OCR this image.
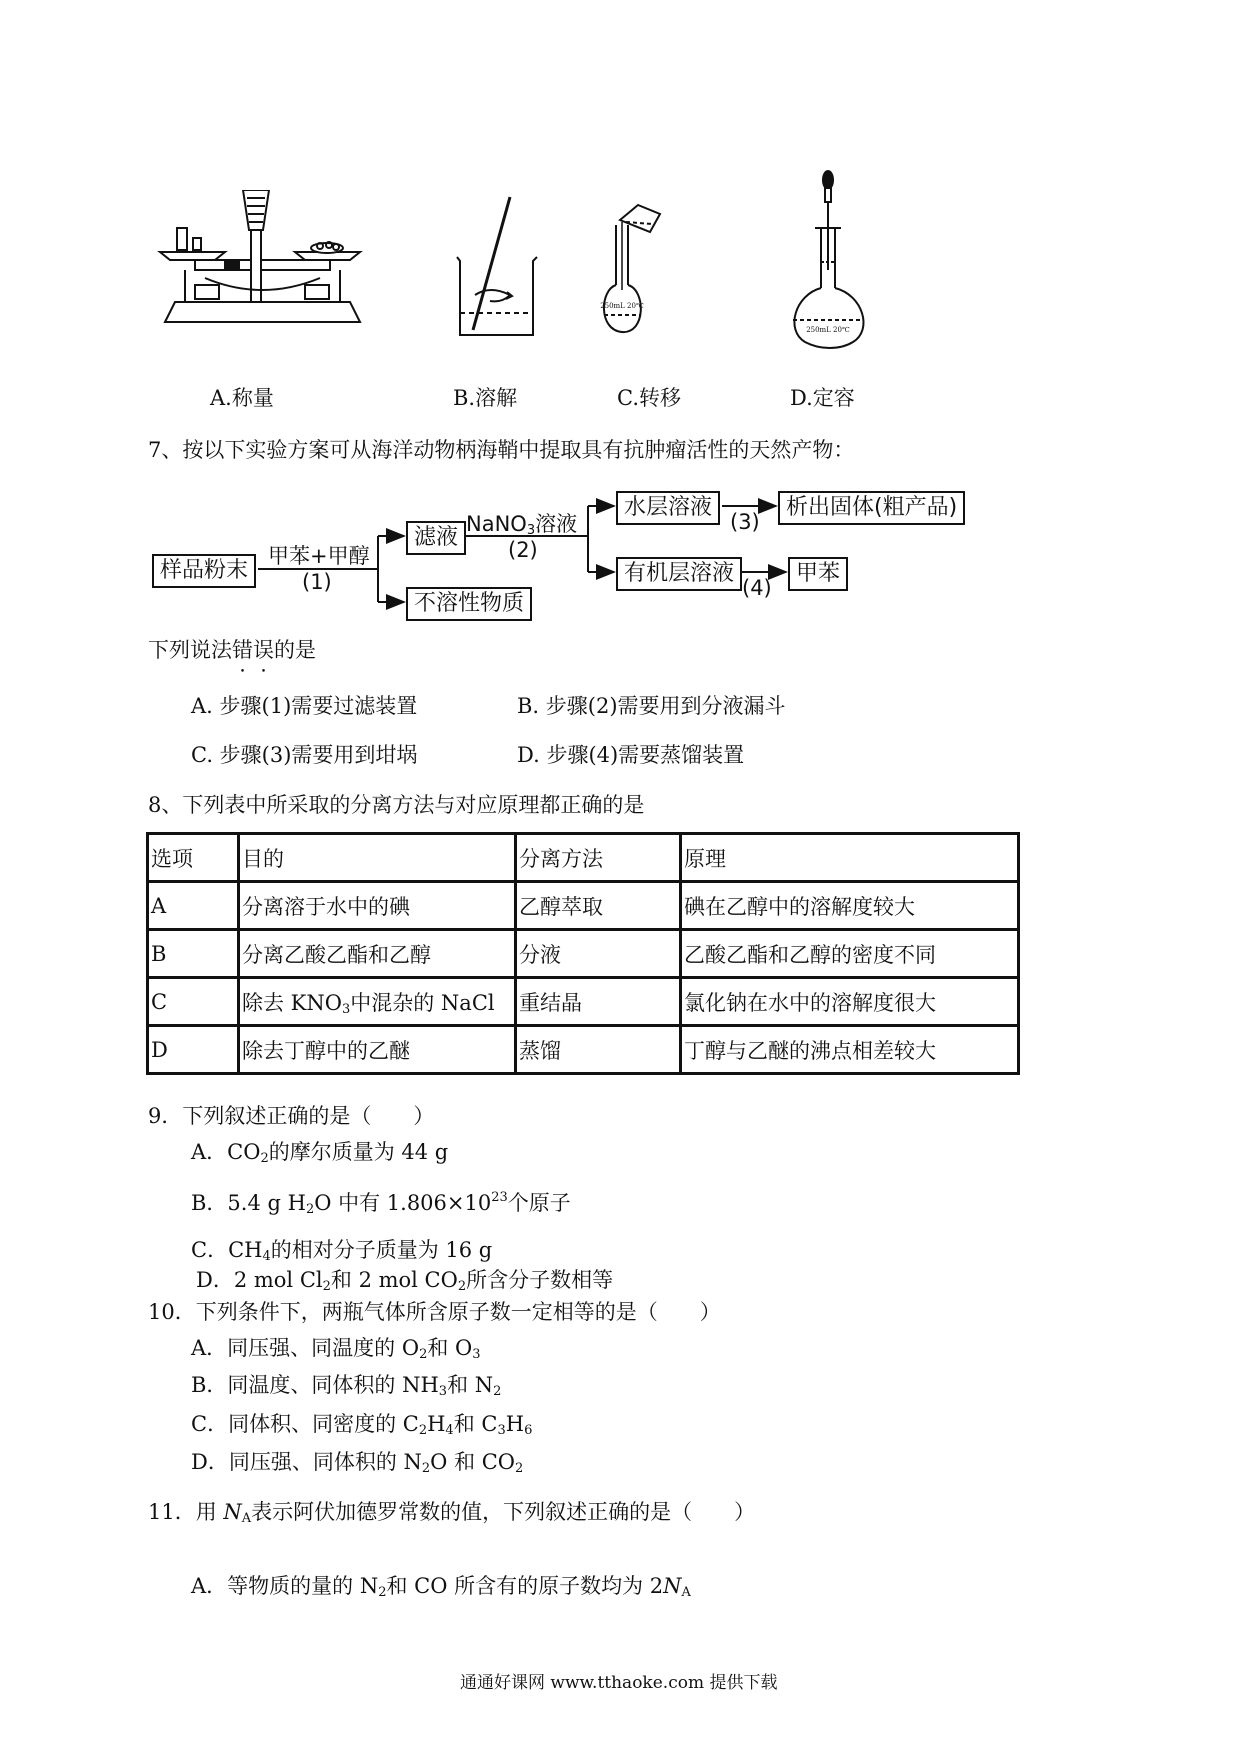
250mL 20℃
250mL 20℃
A.称量	B.溶解	C.转移	D.定容
7、按以下实验方案可从海洋动物柄海鞘中提取具有抗肿瘤活性的天然产物：
样品粉末
甲苯+甲醇
(1)
滤液
不溶性物质
NaNO$_3$溶液
(2)
水层溶液
(3)
析出固体(粗产品)
有机层溶液
(4)
甲苯
下列说法错误的是
A. 步骤(1)需要过滤装置	B. 步骤(2)需要用到分液漏斗
C. 步骤(3)需要用到坩埚	D. 步骤(4)需要蒸馏装置
8、下列表中所采取的分离方法与对应原理都正确的是
选项	目的	分离方法	原理
A	分离溶于水中的碘	乙醇萃取	碘在乙醇中的溶解度较大
B	分离乙酸乙酯和乙醇	分液	乙酸乙酯和乙醇的密度不同
C	除去 $KNO_3$中混杂的 NaCl	重结晶	氯化钠在水中的溶解度很大
D	除去丁醇中的乙醚	蒸馏	丁醇与乙醚的沸点相差较大
9．下列叙述正确的是（　　）
A．$CO_2$的摩尔质量为 44 g
B．5.4 g $H_2O$ 中有 $1.806\times 10^{23}$个原子
C．$CH_4$的相对分子质量为 16 g
D．2 mol $Cl_2$和 2 mol $CO_2$所含分子数相等
10．下列条件下，两瓶气体所含原子数一定相等的是（　　）
A．同压强、同温度的 $O_2$和 $O_3$
B．同温度、同体积的 $NH_3$和 $N_2$
C．同体积、同密度的 $C_2H_4$和 $C_3H_6$
D．同压强、同体积的 $N_2O$ 和 $CO_2$
11．用 $N_A$表示阿伏加德罗常数的值，下列叙述正确的是（　　）
A．等物质的量的 $N_2$和 CO 所含有的原子数均为 $2N_A$
通通好课网 www.tthaoke.com 提供下载
